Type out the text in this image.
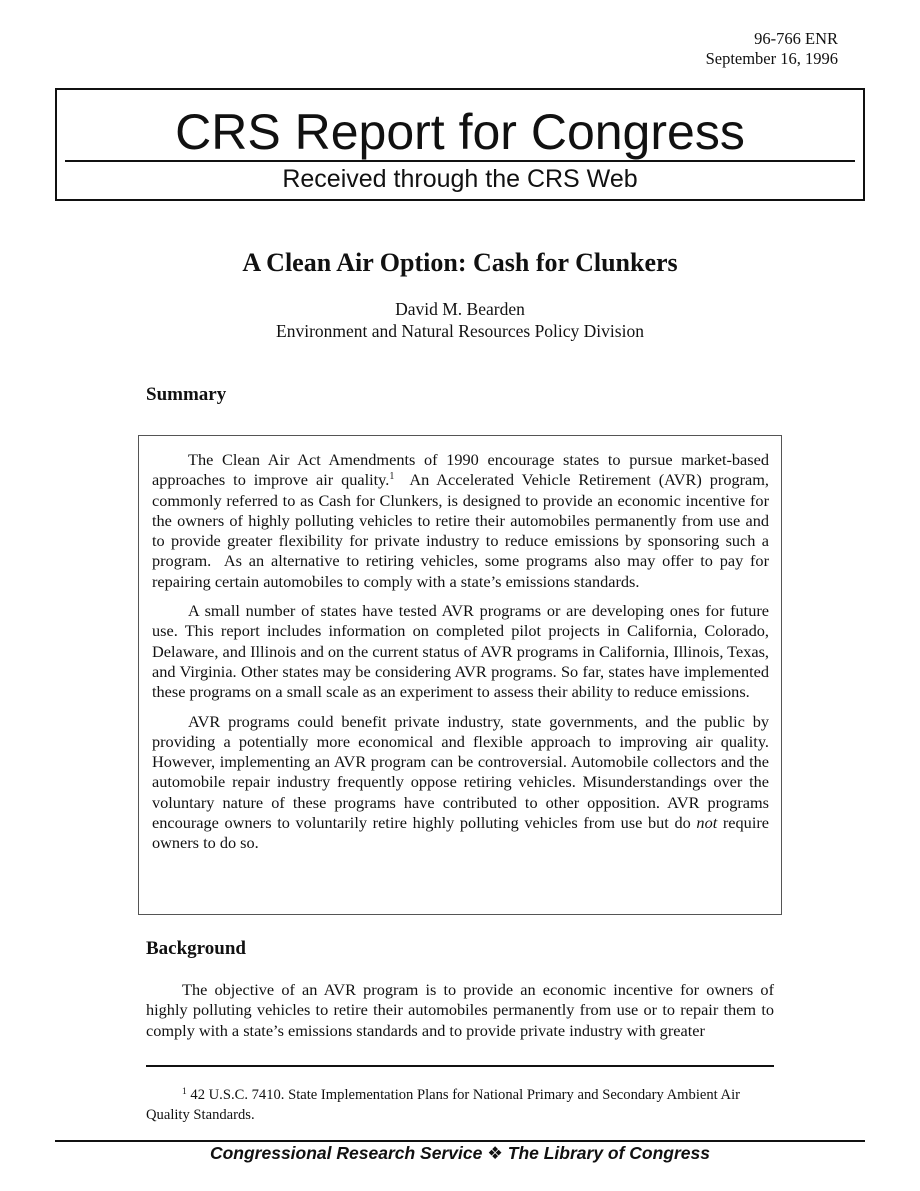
96-766 ENR
September 16, 1996
CRS Report for Congress
Received through the CRS Web
A Clean Air Option: Cash for Clunkers
David M. Bearden
Environment and Natural Resources Policy Division
Summary

The Clean Air Act Amendments of 1990 encourage states to pursue market-based approaches to improve air quality.$^1$  An Accelerated Vehicle Retirement (AVR) program, commonly referred to as Cash for Clunkers, is designed to provide an economic incentive for the owners of highly polluting vehicles to retire their automobiles permanently from use and to provide greater flexibility for private industry to reduce emissions by sponsoring such a program.  As an alternative to retiring vehicles, some programs also may offer to pay for repairing certain automobiles to comply with a state’s emissions standards.

A small number of states have tested AVR programs or are developing ones for future use. This report includes information on completed pilot projects in California, Colorado, Delaware, and Illinois and on the current status of AVR programs in California, Illinois, Texas, and Virginia. Other states may be considering AVR programs. So far, states have implemented these programs on a small scale as an experiment to assess their ability to reduce emissions.

AVR programs could benefit private industry, state governments, and the public by providing a potentially more economical and flexible approach to improving air quality. However, implementing an AVR program can be controversial. Automobile collectors and the automobile repair industry frequently oppose retiring vehicles. Misunderstandings over the voluntary nature of these programs have contributed to other opposition. AVR programs encourage owners to voluntarily retire highly polluting vehicles from use but do not require owners to do so.

Background

The objective of an AVR program is to provide an economic incentive for owners of highly polluting vehicles to retire their automobiles permanently from use or to repair them to comply with a state’s emissions standards and to provide private industry with greater

$^1$ 42 U.S.C. 7410. State Implementation Plans for National Primary and Secondary Ambient Air Quality Standards.

Congressional Research Service ❖ The Library of Congress
